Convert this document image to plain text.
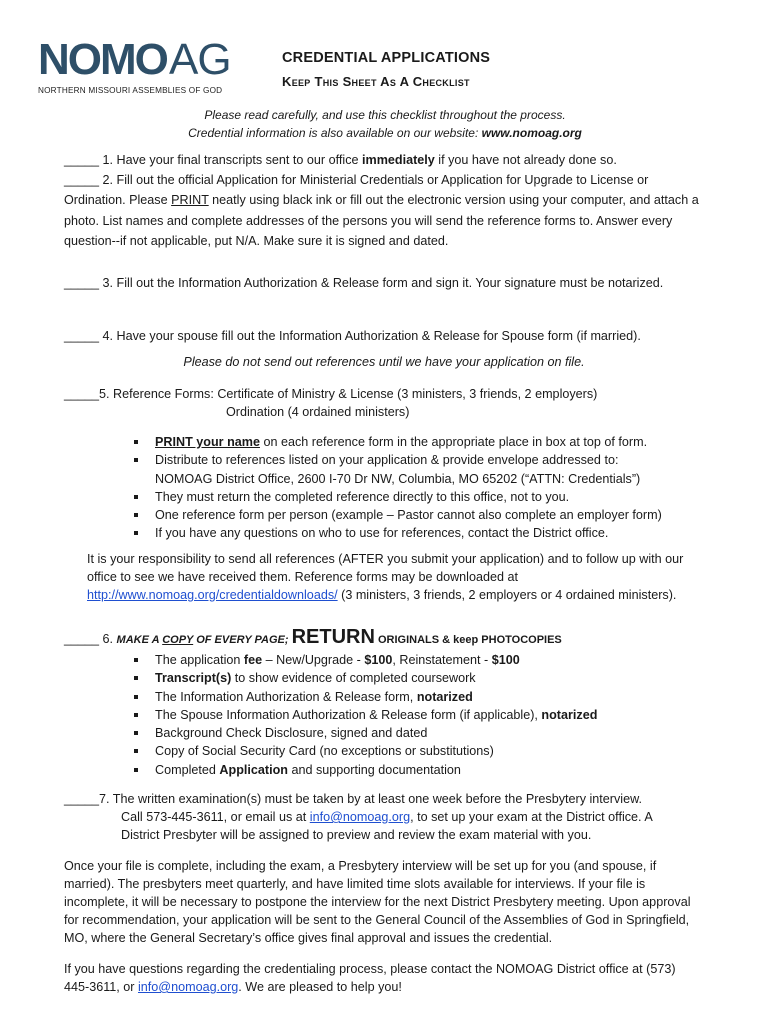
NOMO AG
NORTHERN MISSOURI ASSEMBLIES OF GOD
CREDENTIAL APPLICATIONS
Keep This Sheet As A Checklist
Please read carefully, and use this checklist throughout the process.
Credential information is also available on our website: www.nomoag.org
_____ 1. Have your final transcripts sent to our office immediately if you have not already done so.
_____ 2. Fill out the official Application for Ministerial Credentials or Application for Upgrade to License or Ordination. Please PRINT neatly using black ink or fill out the electronic version using your computer, and attach a photo. List names and complete addresses of the persons you will send the reference forms to. Answer every question--if not applicable, put N/A. Make sure it is signed and dated.
_____ 3. Fill out the Information Authorization & Release form and sign it. Your signature must be notarized.
_____ 4. Have your spouse fill out the Information Authorization & Release for Spouse form (if married).
Please do not send out references until we have your application on file.
_____5. Reference Forms: Certificate of Ministry & License (3 ministers, 3 friends, 2 employers)
Ordination (4 ordained ministers)
PRINT your name on each reference form in the appropriate place in box at top of form.
Distribute to references listed on your application & provide envelope addressed to:
NOMOAG District Office, 2600 I-70 Dr NW, Columbia, MO 65202 (“ATTN: Credentials”)
They must return the completed reference directly to this office, not to you.
One reference form per person (example – Pastor cannot also complete an employer form)
If you have any questions on who to use for references, contact the District office.
It is your responsibility to send all references (AFTER you submit your application) and to follow up with our office to see we have received them. Reference forms may be downloaded at http://www.nomoag.org/credentialdownloads/ (3 ministers, 3 friends, 2 employers or 4 ordained ministers).
_____ 6. MAKE A COPY OF EVERY PAGE; RETURN ORIGINALS & keep PHOTOCOPIES
The application fee – New/Upgrade - $100, Reinstatement - $100
Transcript(s) to show evidence of completed coursework
The Information Authorization & Release form, notarized
The Spouse Information Authorization & Release form (if applicable), notarized
Background Check Disclosure, signed and dated
Copy of Social Security Card (no exceptions or substitutions)
Completed Application and supporting documentation
_____7. The written examination(s) must be taken by at least one week before the Presbytery interview.
Call 573-445-3611, or email us at info@nomoag.org, to set up your exam at the District office. A
District Presbyter will be assigned to preview and review the exam material with you.
Once your file is complete, including the exam, a Presbytery interview will be set up for you (and spouse, if married). The presbyters meet quarterly, and have limited time slots available for interviews. If your file is incomplete, it will be necessary to postpone the interview for the next District Presbytery meeting. Upon approval for recommendation, your application will be sent to the General Council of the Assemblies of God in Springfield, MO, where the General Secretary’s office gives final approval and issues the credential.
If you have questions regarding the credentialing process, please contact the NOMOAG District office at (573) 445-3611, or info@nomoag.org. We are pleased to help you!
